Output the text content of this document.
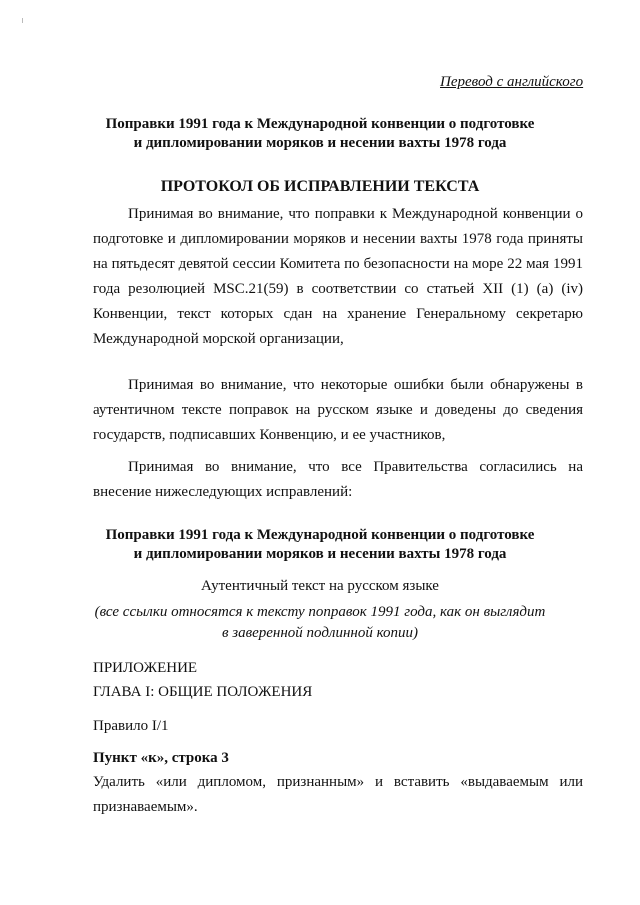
Перевод с английского
Поправки 1991 года к Международной конвенции о подготовке
и дипломировании моряков и несении вахты 1978 года
ПРОТОКОЛ ОБ ИСПРАВЛЕНИИ ТЕКСТА

Принимая во внимание, что поправки к Международной конвенции о подготовке и дипломировании моряков и несении вахты 1978 года приняты на пятьдесят девятой сессии Комитета по безопасности на море 22 мая 1991 года резолюцией MSC.21(59) в соответствии со статьей XII (1) (a) (iv) Конвенции, текст которых сдан на хранение Генеральному секретарю Международной морской организации,

Принимая во внимание, что некоторые ошибки были обнаружены в аутентичном тексте поправок на русском языке и доведены до сведения государств, подписавших Конвенцию, и ее участников,

Принимая во внимание, что все Правительства согласились на внесение нижеследующих исправлений:

Поправки 1991 года к Международной конвенции о подготовке
и дипломировании моряков и несении вахты 1978 года
Аутентичный текст на русском языке
(все ссылки относятся к тексту поправок 1991 года, как он выглядит
в заверенной подлинной копии)
ПРИЛОЖЕНИЕ
ГЛАВА I: ОБЩИЕ ПОЛОЖЕНИЯ
Правило I/1
Пункт «к», строка 3

Удалить «или дипломом, признанным» и вставить «выдаваемым или признаваемым».
